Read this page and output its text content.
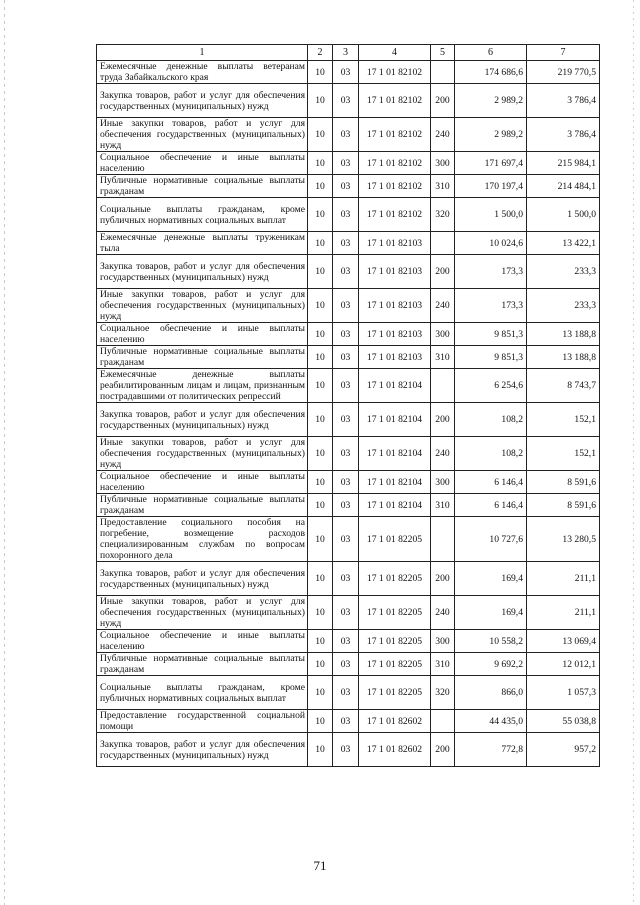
1	2	3	4	5	6	7
Ежемесячные денежные выплаты ветеранам труда Забайкальского края	10	03	17 1 01 82102		174 686,6	219 770,5
Закупка товаров, работ и услуг для обеспечения государственных (муниципальных) нужд	10	03	17 1 01 82102	200	2 989,2	3 786,4
Иные закупки товаров, работ и услуг для обеспечения государственных (муниципальных) нужд	10	03	17 1 01 82102	240	2 989,2	3 786,4
Социальное обеспечение и иные выплаты населению	10	03	17 1 01 82102	300	171 697,4	215 984,1
Публичные нормативные социальные выплаты гражданам	10	03	17 1 01 82102	310	170 197,4	214 484,1
Социальные выплаты гражданам, кроме публичных нормативных социальных выплат	10	03	17 1 01 82102	320	1 500,0	1 500,0
Ежемесячные денежные выплаты труженикам тыла	10	03	17 1 01 82103		10 024,6	13 422,1
Закупка товаров, работ и услуг для обеспечения государственных (муниципальных) нужд	10	03	17 1 01 82103	200	173,3	233,3
Иные закупки товаров, работ и услуг для обеспечения государственных (муниципальных) нужд	10	03	17 1 01 82103	240	173,3	233,3
Социальное обеспечение и иные выплаты населению	10	03	17 1 01 82103	300	9 851,3	13 188,8
Публичные нормативные социальные выплаты гражданам	10	03	17 1 01 82103	310	9 851,3	13 188,8
Ежемесячные денежные выплаты реабилитированным лицам и лицам, признанным пострадавшими от политических репрессий	10	03	17 1 01 82104		6 254,6	8 743,7
Закупка товаров, работ и услуг для обеспечения государственных (муниципальных) нужд	10	03	17 1 01 82104	200	108,2	152,1
Иные закупки товаров, работ и услуг для обеспечения государственных (муниципальных) нужд	10	03	17 1 01 82104	240	108,2	152,1
Социальное обеспечение и иные выплаты населению	10	03	17 1 01 82104	300	6 146,4	8 591,6
Публичные нормативные социальные выплаты гражданам	10	03	17 1 01 82104	310	6 146,4	8 591,6
Предоставление социального пособия на погребение, возмещение расходов специализированным службам по вопросам похоронного дела	10	03	17 1 01 82205		10 727,6	13 280,5
Закупка товаров, работ и услуг для обеспечения государственных (муниципальных) нужд	10	03	17 1 01 82205	200	169,4	211,1
Иные закупки товаров, работ и услуг для обеспечения государственных (муниципальных) нужд	10	03	17 1 01 82205	240	169,4	211,1
Социальное обеспечение и иные выплаты населению	10	03	17 1 01 82205	300	10 558,2	13 069,4
Публичные нормативные социальные выплаты гражданам	10	03	17 1 01 82205	310	9 692,2	12 012,1
Социальные выплаты гражданам, кроме публичных нормативных социальных выплат	10	03	17 1 01 82205	320	866,0	1 057,3
Предоставление государственной социальной помощи	10	03	17 1 01 82602		44 435,0	55 038,8
Закупка товаров, работ и услуг для обеспечения государственных (муниципальных) нужд	10	03	17 1 01 82602	200	772,8	957,2
71
